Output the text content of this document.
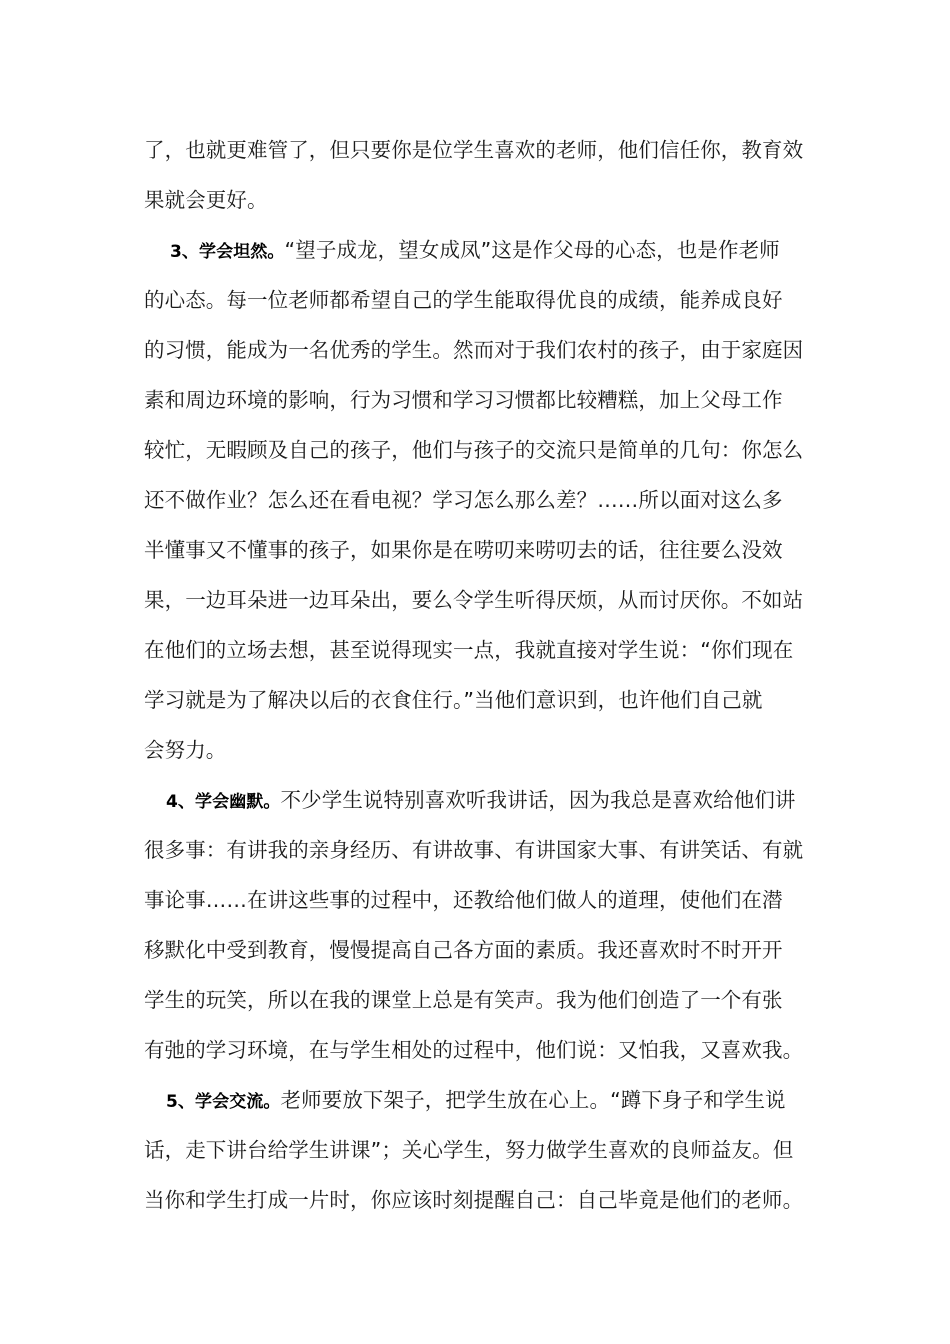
了，也就更难管了，但只要你是位学生喜欢的老师，他们信任你，教育效
果就会更好。
3、学会坦然。“望子成龙，望女成凤”这是作父母的心态，也是作老师
的心态。每一位老师都希望自己的学生能取得优良的成绩，能养成良好
的习惯，能成为一名优秀的学生。然而对于我们农村的孩子，由于家庭因
素和周边环境的影响，行为习惯和学习习惯都比较糟糕，加上父母工作
较忙，无暇顾及自己的孩子，他们与孩子的交流只是简单的几句：你怎么
还不做作业？怎么还在看电视？学习怎么那么差？……所以面对这么多
半懂事又不懂事的孩子，如果你是在唠叨来唠叨去的话，往往要么没效
果，一边耳朵进一边耳朵出，要么令学生听得厌烦，从而讨厌你。不如站
在他们的立场去想，甚至说得现实一点，我就直接对学生说：“你们现在
学习就是为了解决以后的衣食住行。”当他们意识到，也许他们自己就
会努力。
4、学会幽默。不少学生说特别喜欢听我讲话，因为我总是喜欢给他们讲
很多事：有讲我的亲身经历、有讲故事、有讲国家大事、有讲笑话、有就
事论事……在讲这些事的过程中，还教给他们做人的道理，使他们在潜
移默化中受到教育，慢慢提高自己各方面的素质。我还喜欢时不时开开
学生的玩笑，所以在我的课堂上总是有笑声。我为他们创造了一个有张
有弛的学习环境，在与学生相处的过程中，他们说：又怕我，又喜欢我。
5、学会交流。老师要放下架子，把学生放在心上。“蹲下身子和学生说
话，走下讲台给学生讲课”；关心学生，努力做学生喜欢的良师益友。但
当你和学生打成一片时，你应该时刻提醒自己：自己毕竟是他们的老师。
